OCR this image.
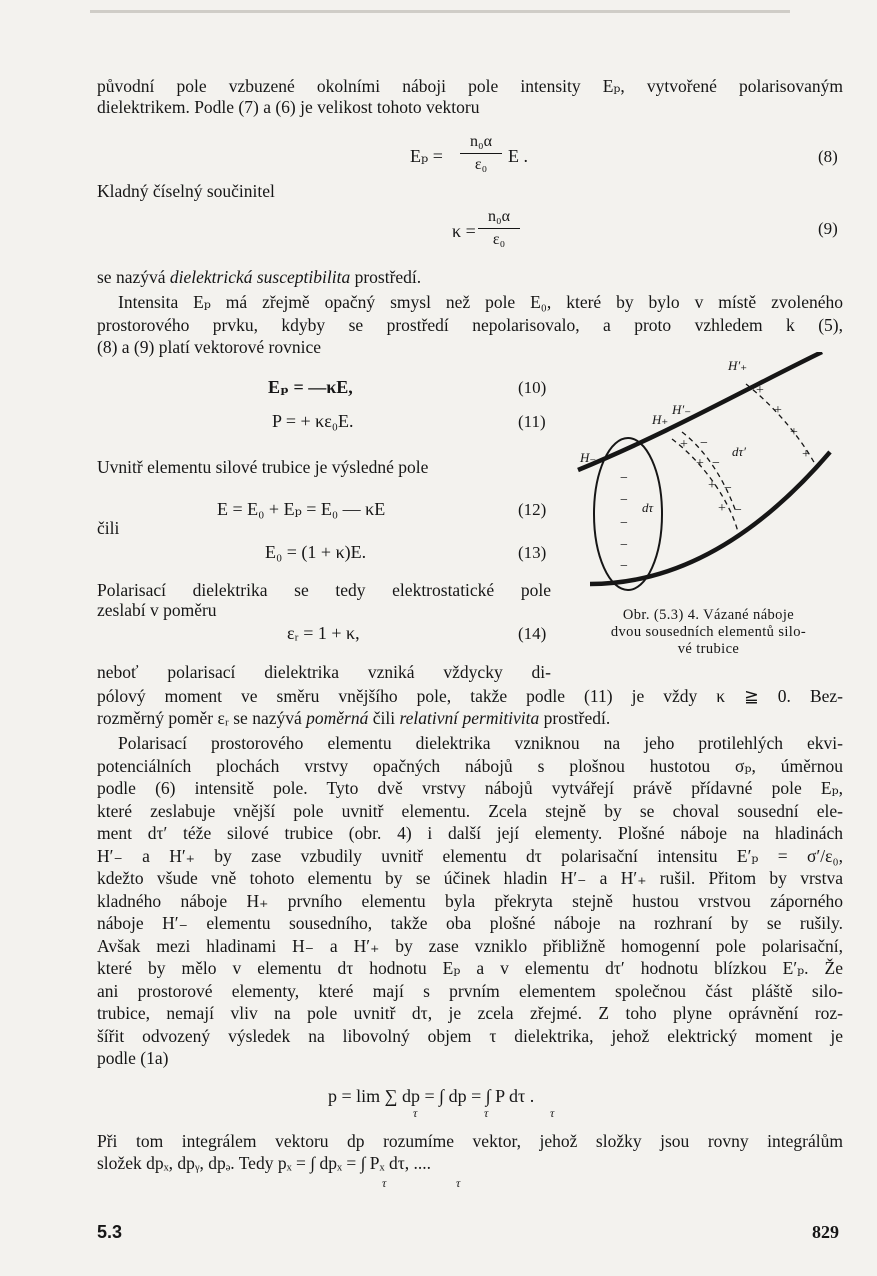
původní pole vzbuzené okolními náboji pole intensity Eₚ, vytvořené polarisovaným
dielektrikem. Podle (7) a (6) je velikost tohoto vektoru
Eₚ =
n₀α
ε₀	E .	(8)
Kladný číselný součinitel
κ =
n₀α
ε₀
(9)
se nazývá dielektrická susceptibilita prostředí.
Intensita Eₚ má zřejmě opačný smysl než pole E₀, které by bylo v místě zvoleného
prostorového prvku, kdyby se prostředí nepolarisovalo, a proto vzhledem k (5),
(8) a (9) platí vektorové rovnice
Eₚ = —κE,	(10)
P = + κε₀E.	(11)
Uvnitř elementu silové trubice je výsledné pole
E = E₀ + Eₚ = E₀ — κE	(12)
čili
E₀ = (1 + κ)E.	(13)
Polarisací dielektrika se tedy elektrostatické pole
zeslabí v poměru
εᵣ = 1 + κ,	(14)
−
−
−
−
−
+
+
+
+
−
−
−
−
+
+
+
+
H₋
H₊
H′₋
H′₊
dτ
dτ′
Obr. (5.3) 4. Vázané náboje
dvou sousedních elementů silo-
vé trubice
neboť polarisací dielektrika vzniká vždycky di-
pólový moment ve směru vnějšího pole, takže podle (11) je vždy κ ≧ 0. Bez-
rozměrný poměr εᵣ se nazývá poměrná čili relativní permitivita prostředí.
Polarisací prostorového elementu dielektrika vzniknou na jeho protilehlých ekvi-
potenciálních plochách vrstvy opačných nábojů s plošnou hustotou σₚ, úměrnou
podle (6) intensitě pole. Tyto dvě vrstvy nábojů vytvářejí právě přídavné pole Eₚ,
které zeslabuje vnější pole uvnitř elementu. Zcela stejně by se choval sousední ele-
ment dτ′ téže silové trubice (obr. 4) i další její elementy. Plošné náboje na hladinách
H′₋ a H′₊ by zase vzbudily uvnitř elementu dτ polarisační intensitu E′ₚ = σ′/ε₀,
kdežto všude vně tohoto elementu by se účinek hladin H′₋ a H′₊ rušil. Přitom by vrstva
kladného náboje H₊ prvního elementu byla překryta stejně hustou vrstvou záporného
náboje H′₋ elementu sousedního, takže oba plošné náboje na rozhraní by se rušily.
Avšak mezi hladinami H₋ a H′₊ by zase vzniklo přibližně homogenní pole polarisační,
které by mělo v elementu dτ hodnotu Eₚ a v elementu dτ′ hodnotu blízkou E′ₚ. Že
ani prostorové elementy, které mají s prvním elementem společnou část pláště silo-
trubice, nemají vliv na pole uvnitř dτ, je zcela zřejmé. Z toho plyne oprávnění roz-
šířit odvozený výsledek na libovolný objem τ dielektrika, jehož elektrický moment je
podle (1a)
p = lim ∑ dp = ∫ dp = ∫ P dτ .
τ	τ	τ
Při tom integrálem vektoru dp rozumíme vektor, jehož složky jsou rovny integrálům
složek dpₓ, dpᵧ, dpₔ. Tedy pₓ = ∫ dpₓ = ∫ Pₓ dτ, ....
τ	τ
5.3	829
